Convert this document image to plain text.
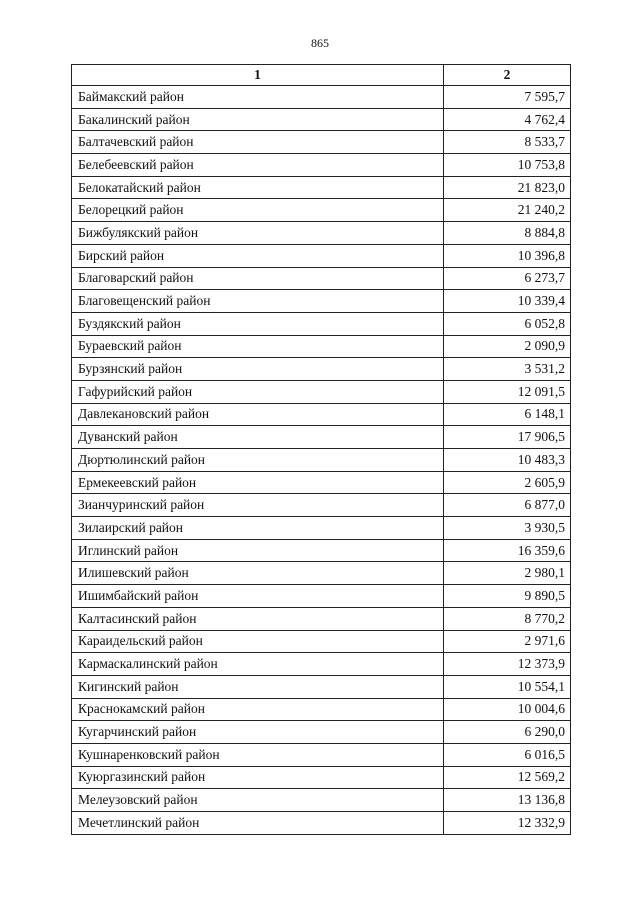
865
1	2
Баймакский район	7 595,7
Бакалинский район	4 762,4
Балтачевский район	8 533,7
Белебеевский район	10 753,8
Белокатайский район	21 823,0
Белорецкий район	21 240,2
Бижбулякский район	8 884,8
Бирский район	10 396,8
Благоварский район	6 273,7
Благовещенский район	10 339,4
Буздякский район	6 052,8
Бураевский район	2 090,9
Бурзянский район	3 531,2
Гафурийский район	12 091,5
Давлекановский район	6 148,1
Дуванский район	17 906,5
Дюртюлинский район	10 483,3
Ермекеевский район	2 605,9
Зианчуринский район	6 877,0
Зилаирский район	3 930,5
Иглинский район	16 359,6
Илишевский район	2 980,1
Ишимбайский район	9 890,5
Калтасинский район	8 770,2
Караидельский район	2 971,6
Кармаскалинский район	12 373,9
Кигинский район	10 554,1
Краснокамский район	10 004,6
Кугарчинский район	6 290,0
Кушнаренковский район	6 016,5
Куюргазинский район	12 569,2
Мелеузовский район	13 136,8
Мечетлинский район	12 332,9
